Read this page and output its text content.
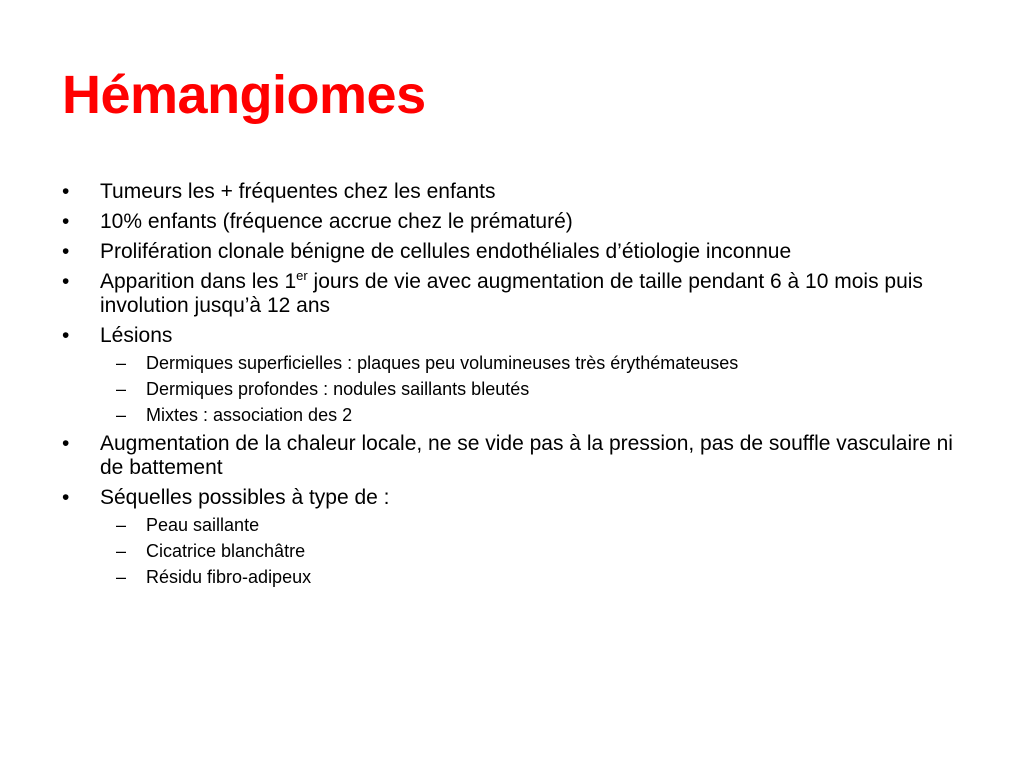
Hémangiomes
•	Tumeurs les + fréquentes chez les enfants
•	10% enfants (fréquence accrue chez le prématuré)
•	Prolifération clonale bénigne de cellules endothéliales d’étiologie inconnue
•	Apparition dans les 1er jours de vie avec augmentation de taille pendant 6 à 10 mois puis involution jusqu’à 12 ans
•	Lésions
–	Dermiques superficielles : plaques peu volumineuses très érythémateuses
–	Dermiques profondes : nodules saillants bleutés
–	Mixtes : association des 2
•	Augmentation de la chaleur locale, ne se vide pas à la pression, pas de souffle vasculaire ni de battement
•	Séquelles possibles à type de :
–	Peau saillante
–	Cicatrice blanchâtre
–	Résidu fibro-adipeux
